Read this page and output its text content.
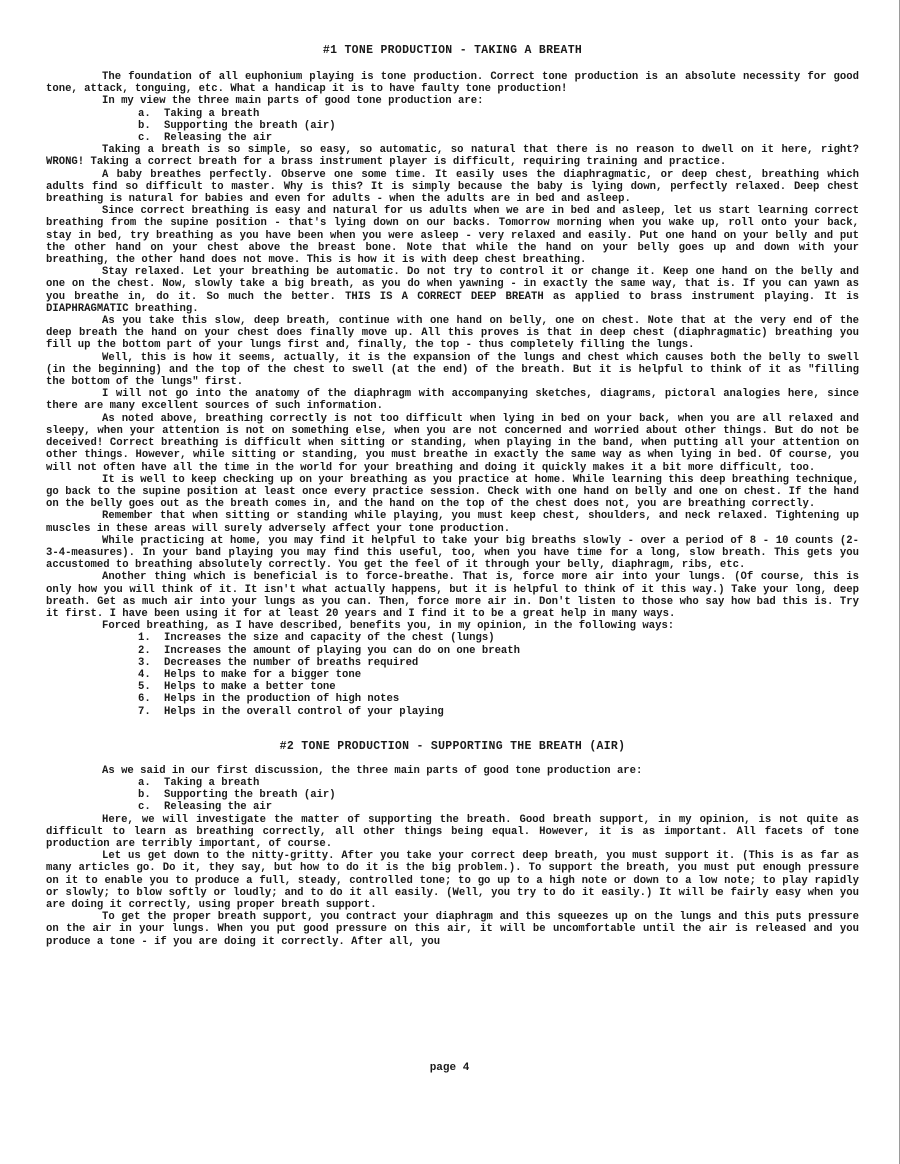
#1 TONE PRODUCTION - TAKING A BREATH

The foundation of all euphonium playing is tone production. Correct tone production is an absolute necessity for good tone, attack, tonguing, etc. What a handicap it is to have faulty tone production!

In my view the three main parts of good tone production are:

a. Taking a breath
b. Supporting the breath (air)
c. Releasing the air

Taking a breath is so simple, so easy, so automatic, so natural that there is no reason to dwell on it here, right? WRONG! Taking a correct breath for a brass instrument player is difficult, requiring training and practice.

A baby breathes perfectly. Observe one some time. It easily uses the diaphragmatic, or deep chest, breathing which adults find so difficult to master. Why is this? It is simply because the baby is lying down, perfectly relaxed. Deep chest breathing is natural for babies and even for adults - when the adults are in bed and asleep.

Since correct breathing is easy and natural for us adults when we are in bed and asleep, let us start learning correct breathing from the supine position - that's lying down on our backs. Tomorrow morning when you wake up, roll onto your back, stay in bed, try breathing as you have been when you were asleep - very relaxed and easily. Put one hand on your belly and put the other hand on your chest above the breast bone. Note that while the hand on your belly goes up and down with your breathing, the other hand does not move. This is how it is with deep chest breathing.

Stay relaxed. Let your breathing be automatic. Do not try to control it or change it. Keep one hand on the belly and one on the chest. Now, slowly take a big breath, as you do when yawning - in exactly the same way, that is. If you can yawn as you breathe in, do it. So much the better. THIS IS A CORRECT DEEP BREATH as applied to brass instrument playing. It is DIAPHRAGMATIC breathing.

As you take this slow, deep breath, continue with one hand on belly, one on chest. Note that at the very end of the deep breath the hand on your chest does finally move up. All this proves is that in deep chest (diaphragmatic) breathing you fill up the bottom part of your lungs first and, finally, the top - thus completely filling the lungs.

Well, this is how it seems, actually, it is the expansion of the lungs and chest which causes both the belly to swell (in the beginning) and the top of the chest to swell (at the end) of the breath. But it is helpful to think of it as "filling the bottom of the lungs" first.

I will not go into the anatomy of the diaphragm with accompanying sketches, diagrams, pictoral analogies here, since there are many excellent sources of such information.

As noted above, breathing correctly is not too difficult when lying in bed on your back, when you are all relaxed and sleepy, when your attention is not on something else, when you are not concerned and worried about other things. But do not be deceived! Correct breathing is difficult when sitting or standing, when playing in the band, when putting all your attention on other things. However, while sitting or standing, you must breathe in exactly the same way as when lying in bed. Of course, you will not often have all the time in the world for your breathing and doing it quickly makes it a bit more difficult, too.

It is well to keep checking up on your breathing as you practice at home. While learning this deep breathing technique, go back to the supine position at least once every practice session. Check with one hand on belly and one on chest. If the hand on the belly goes out as the breath comes in, and the hand on the top of the chest does not, you are breathing correctly.

Remember that when sitting or standing while playing, you must keep chest, shoulders, and neck relaxed. Tightening up muscles in these areas will surely adversely affect your tone production.

While practicing at home, you may find it helpful to take your big breaths slowly - over a period of 8 - 10 counts (2-3-4-measures). In your band playing you may find this useful, too, when you have time for a long, slow breath. This gets you accustomed to breathing absolutely correctly. You get the feel of it through your belly, diaphragm, ribs, etc.

Another thing which is beneficial is to force-breathe. That is, force more air into your lungs. (Of course, this is only how you will think of it. It isn't what actually happens, but it is helpful to think of it this way.) Take your long, deep breath. Get as much air into your lungs as you can. Then, force more air in. Don't listen to those who say how bad this is. Try it first. I have been using it for at least 20 years and I find it to be a great help in many ways.

Forced breathing, as I have described, benefits you, in my opinion, in the following ways:

1. Increases the size and capacity of the chest (lungs)
2. Increases the amount of playing you can do on one breath
3. Decreases the number of breaths required
4. Helps to make for a bigger tone
5. Helps to make a better tone
6. Helps in the production of high notes
7. Helps in the overall control of your playing
#2 TONE PRODUCTION - SUPPORTING THE BREATH (AIR)

As we said in our first discussion, the three main parts of good tone production are:

a. Taking a breath
b. Supporting the breath (air)
c. Releasing the air

Here, we will investigate the matter of supporting the breath. Good breath support, in my opinion, is not quite as difficult to learn as breathing correctly, all other things being equal. However, it is as important. All facets of tone production are terribly important, of course.

Let us get down to the nitty-gritty. After you take your correct deep breath, you must support it. (This is as far as many articles go. Do it, they say, but how to do it is the big problem.). To support the breath, you must put enough pressure on it to enable you to produce a full, steady, controlled tone; to go up to a high note or down to a low note; to play rapidly or slowly; to blow softly or loudly; and to do it all easily. (Well, you try to do it easily.) It will be fairly easy when you are doing it correctly, using proper breath support.

To get the proper breath support, you contract your diaphragm and this squeezes up on the lungs and this puts pressure on the air in your lungs. When you put good pressure on this air, it will be uncomfortable until the air is released and you produce a tone - if you are doing it correctly. After all, you

page 4
